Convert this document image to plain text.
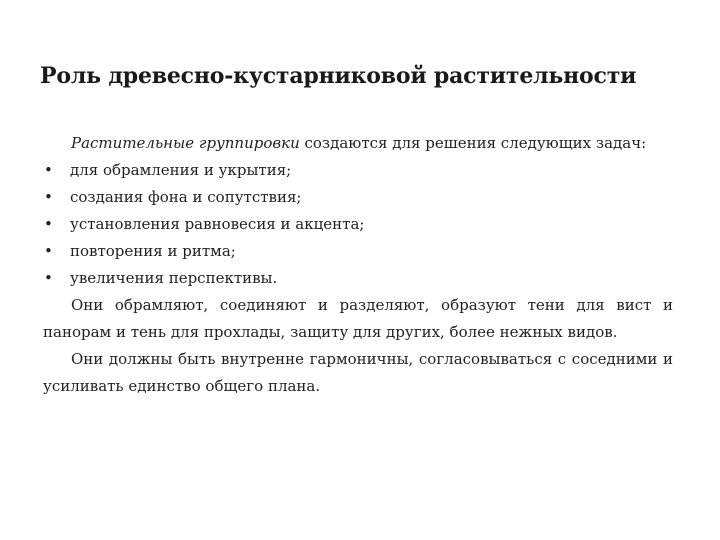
Роль древесно-кустарниковой растительности

Растительные группировки создаются для решения следующих задач:

• для обрамления и укрытия;
• создания фона и сопутствия;
• установления равновесия и акцента;
• повторения и ритма;
• увеличения перспективы.

Они обрамляют, соединяют и разделяют, образуют тени для вист и панорам и тень для прохлады, защиту для других, более нежных видов.

Они должны быть внутренне гармоничны, согласовываться с соседними и усиливать единство общего плана.
